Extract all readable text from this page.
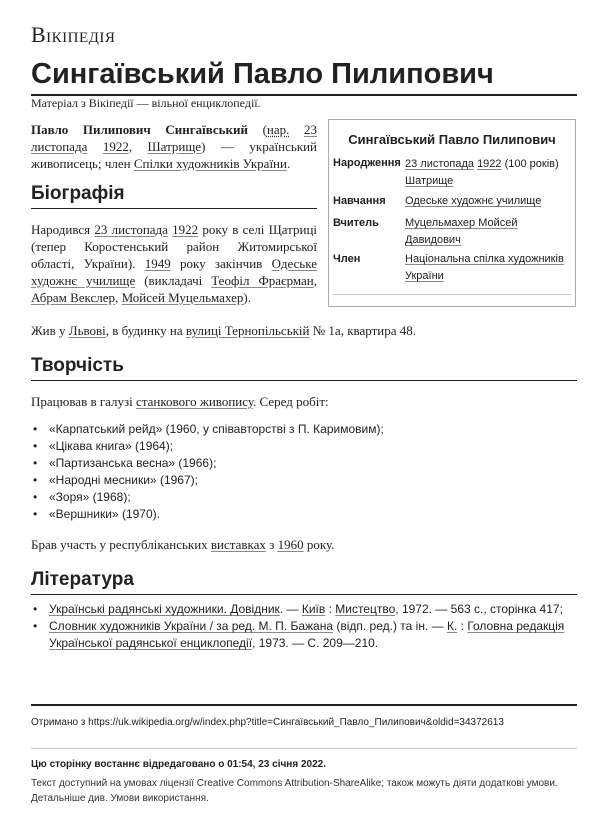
Вікіпедія
Сингаївський Павло Пилипович
Матеріал з Вікіпедії — вільної енциклопедії.
Павло Пилипович Сингаївський (нар. 23 листопада 1922, Шатрище) — український живописець; член Спілки художників України.
Сингаївський Павло Пилипович
Народження 23 листопада 1922 (100 років)
Шатрище
Навчання Одеське художнє училище
Вчитель Муцельмахер Мойсей Давидович
Член	Національна спілка художників України
Біографія
Народився 23 листопада 1922 року в селі Щатриці (тепер Коростенський район Житомирської області, України). 1949 року закінчив Одеське художнє училище (викладачі Теофіл Фраєрман, Абрам Векслер, Мойсей Муцельмахер).
Жив у Львові, в будинку на вулиці Тернопільській № 1а, квартира 48.
Творчість
Працював в галузі станкового живопису. Серед робіт:
• «Карпатський рейд» (1960, у співавторстві з П. Каримовим);
• «Цікава книга» (1964);
• «Партизанська весна» (1966);
• «Народні месники» (1967);
• «Зоря» (1968);
• «Вершники» (1970).
Брав участь у республіканських виставках з 1960 року.
Література
• Українські радянські художники. Довідник. — Київ : Мистецтво, 1972. — 563 с., сторінка 417;
• Словник художників України / за ред. М. П. Бажана (відп. ред.) та ін. — К. : Головна редакція Української радянської енциклопедії, 1973. — С. 209—210.
Отримано з https://uk.wikipedia.org/w/index.php?title=Сингаївський_Павло_Пилипович&oldid=34372613
Цю сторінку востаннє відредаговано о 01:54, 23 січня 2022.
Текст доступний на умовах ліцензії Creative Commons Attribution-ShareAlike; також можуть діяти додаткові умови. Детальніше див. Умови використання.
